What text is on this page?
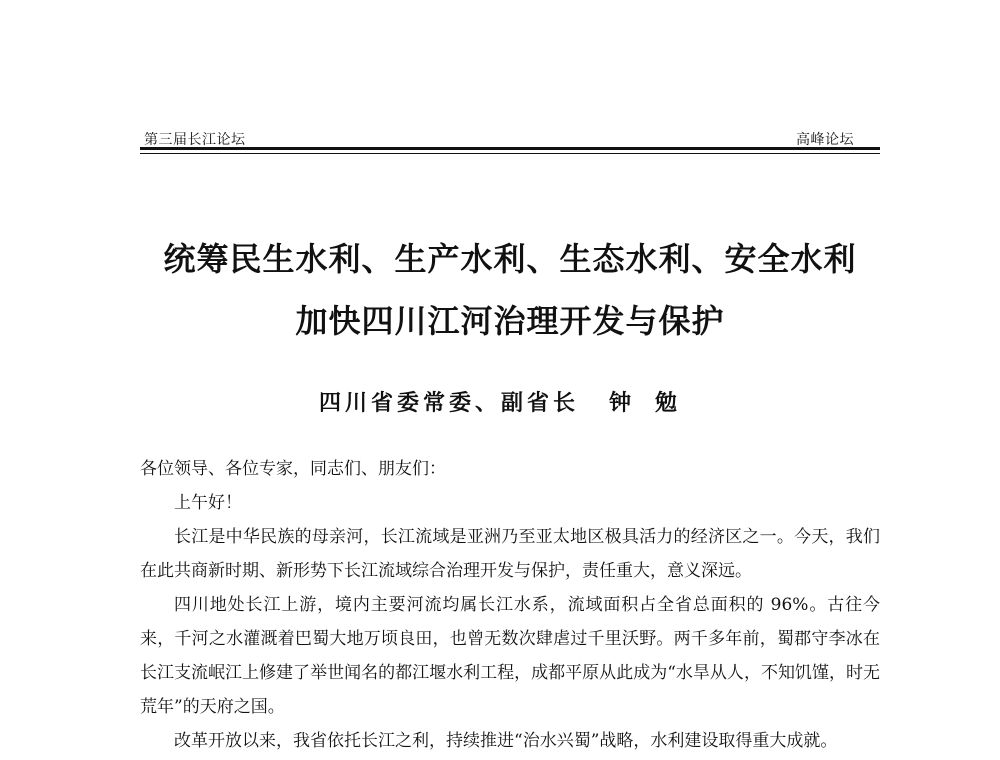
第三届长江论坛	高峰论坛
统筹民生水利、生产水利、生态水利、安全水利
加快四川江河治理开发与保护
四川省委常委、副省长 钟勉

各位领导、各位专家，同志们、朋友们：

上午好！

长江是中华民族的母亲河，长江流域是亚洲乃至亚太地区极具活力的经济区之一。今天，我们在此共商新时期、新形势下长江流域综合治理开发与保护，责任重大，意义深远。

四川地处长江上游，境内主要河流均属长江水系，流域面积占全省总面积的 96%。古往今来，千河之水灌溉着巴蜀大地万顷良田，也曾无数次肆虐过千里沃野。两千多年前，蜀郡守李冰在长江支流岷江上修建了举世闻名的都江堰水利工程，成都平原从此成为“水旱从人，不知饥馑，时无荒年”的天府之国。

改革开放以来，我省依托长江之利，持续推进“治水兴蜀”战略，水利建设取得重大成就。
